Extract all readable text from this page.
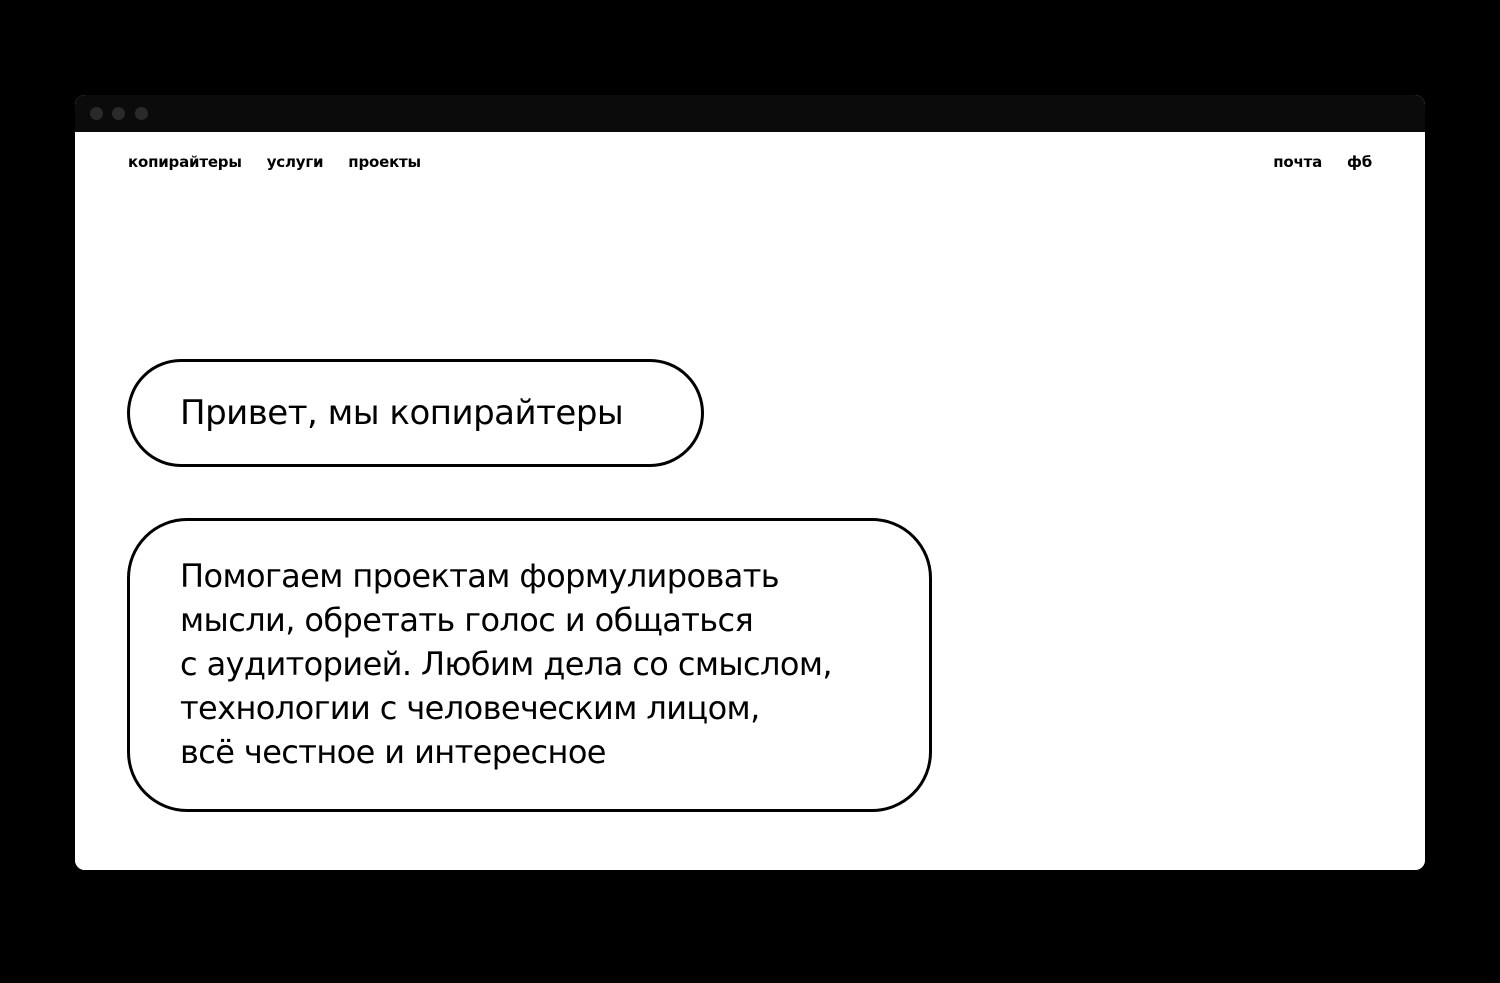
копирайтеры услуги проекты	почта фб
Привет, мы копирайтеры
Помогаем проектам формулировать
мысли, обретать голос и общаться
с аудиторией. Любим дела со смыслом,
технологии с человеческим лицом,
всё честное и интересное
